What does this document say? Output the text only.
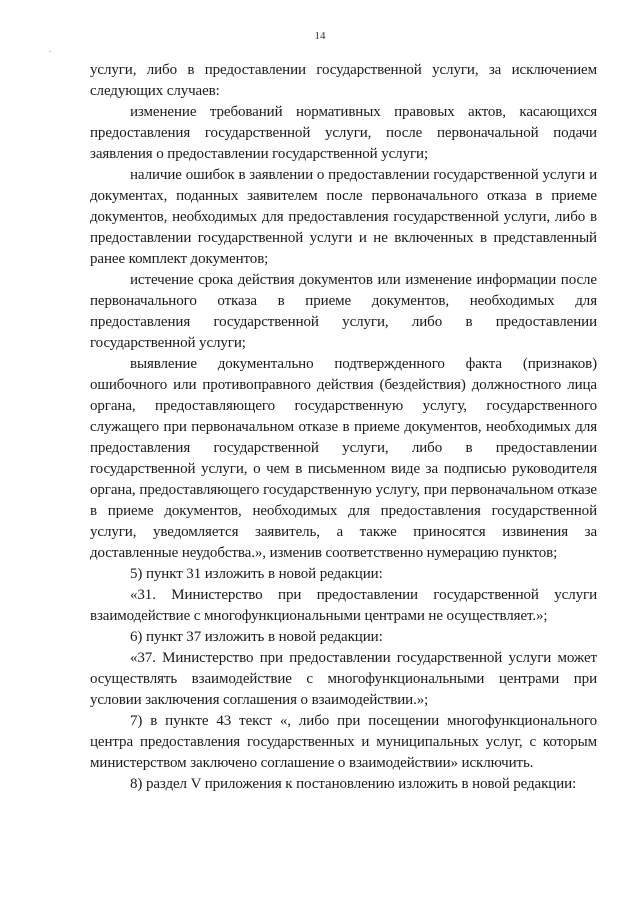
14
-

услуги, либо в предоставлении государственной услуги, за исключением следующих случаев:

изменение требований нормативных правовых актов, касающихся предоставления государственной услуги, после первоначальной подачи заявления о предоставлении государственной услуги;

наличие ошибок в заявлении о предоставлении государственной услуги и документах, поданных заявителем после первоначального отказа в приеме документов, необходимых для предоставления государственной услуги, либо в предоставлении государственной услуги и не включенных в представленный ранее комплект документов;

истечение срока действия документов или изменение информации после первоначального отказа в приеме документов, необходимых для предоставления государственной услуги, либо в предоставлении государственной услуги;

выявление документально подтвержденного факта (признаков) ошибочного или противоправного действия (бездействия) должностного лица органа, предоставляющего государственную услугу, государственного служащего при первоначальном отказе в приеме документов, необходимых для предоставления государственной услуги, либо в предоставлении государственной услуги, о чем в письменном виде за подписью руководителя органа, предоставляющего государственную услугу, при первоначальном отказе в приеме документов, необходимых для предоставления государственной услуги, уведомляется заявитель, а также приносятся извинения за доставленные неудобства.», изменив соответственно нумерацию пунктов;

5) пункт 31 изложить в новой редакции:

«31. Министерство при предоставлении государственной услуги взаимодействие с многофункциональными центрами не осуществляет.»;

6) пункт 37 изложить в новой редакции:

«37. Министерство при предоставлении государственной услуги может осуществлять взаимодействие с многофункциональными центрами при условии заключения соглашения о взаимодействии.»;

7) в пункте 43 текст «, либо при посещении многофункционального центра предоставления государственных и муниципальных услуг, с которым министерством заключено соглашение о взаимодействии» исключить.

8) раздел V приложения к постановлению изложить в новой редакции:
